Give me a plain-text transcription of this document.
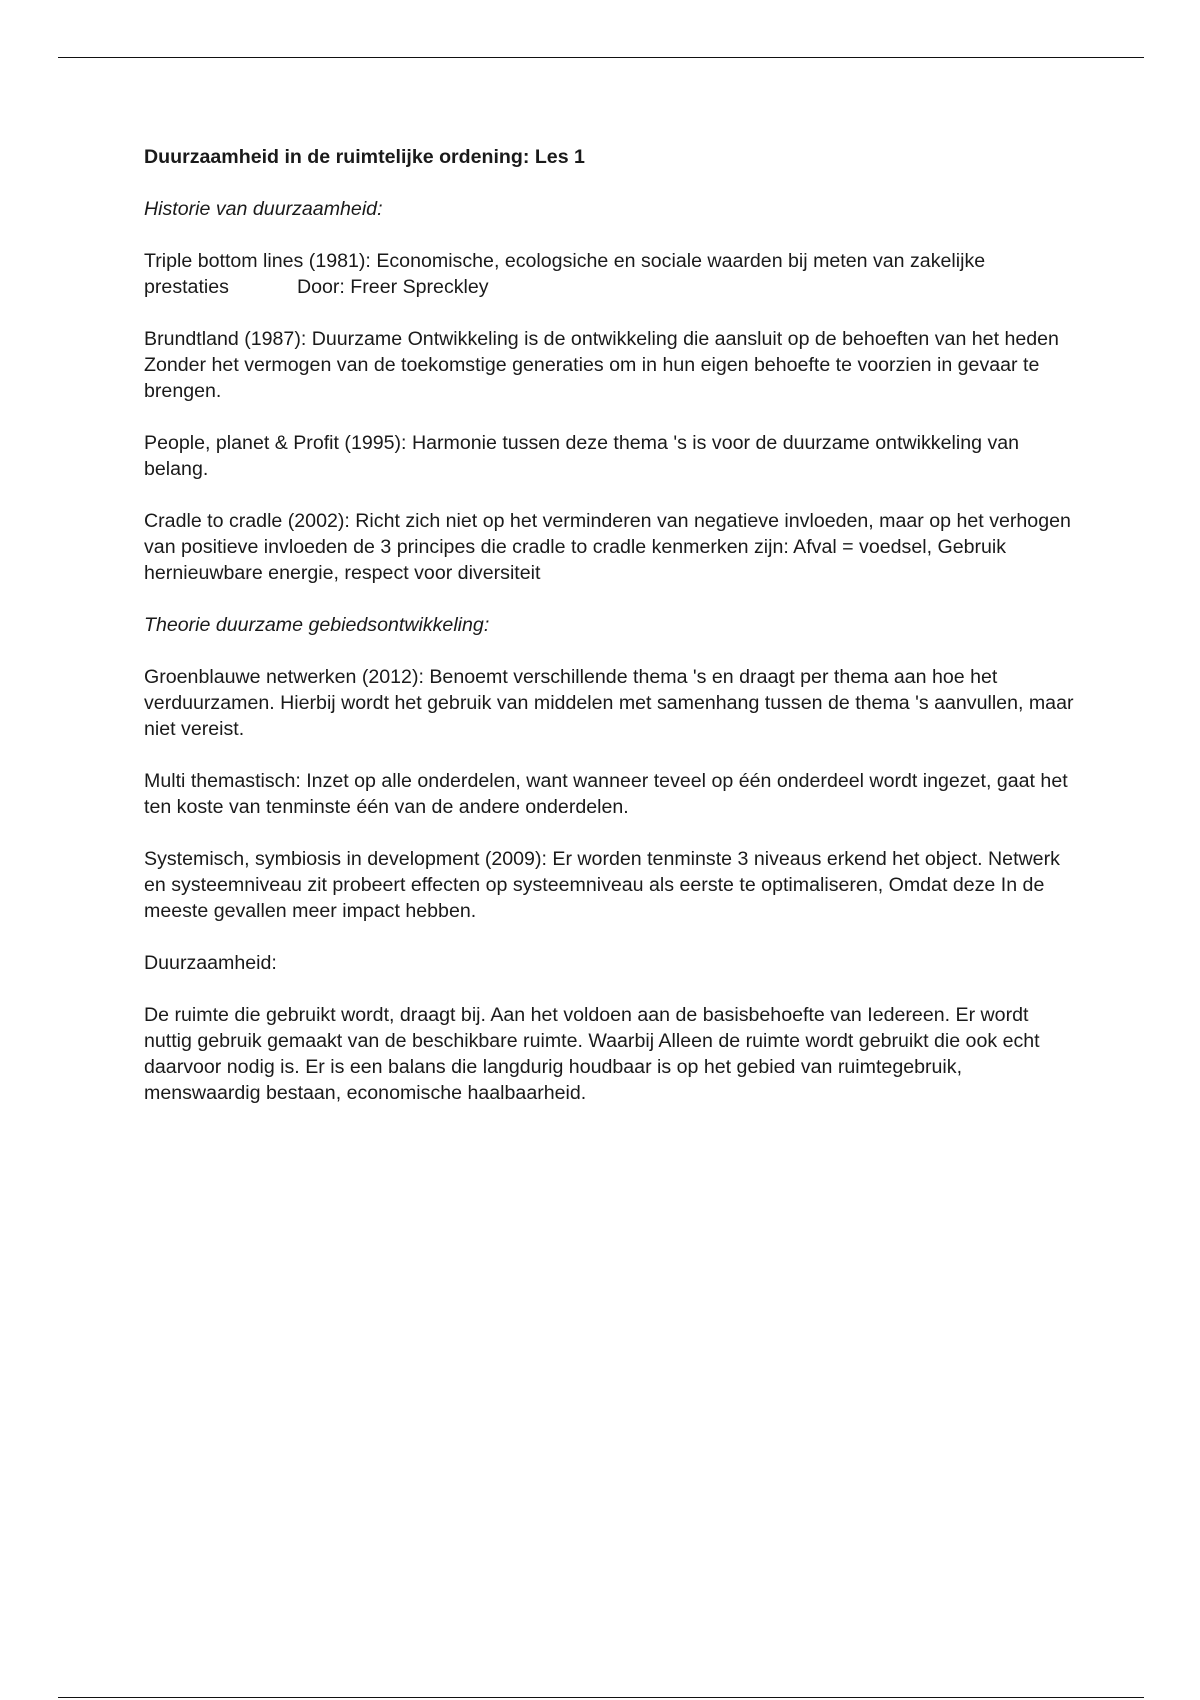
Duurzaamheid in de ruimtelijke ordening: Les 1

Historie van duurzaamheid:

Triple bottom lines (1981): Economische, ecologsiche en sociale waarden bij meten van zakelijke prestaties	Door: Freer Spreckley

Brundtland (1987): Duurzame Ontwikkeling is de ontwikkeling die aansluit op de behoeften van het heden Zonder het vermogen van de toekomstige generaties om in hun eigen behoefte te voorzien in gevaar te brengen.

People, planet & Profit (1995): Harmonie tussen deze thema 's is voor de duurzame ontwikkeling van belang.

Cradle to cradle (2002): Richt zich niet op het verminderen van negatieve invloeden, maar op het verhogen van positieve invloeden de 3 principes die cradle to cradle kenmerken zijn: Afval = voedsel, Gebruik hernieuwbare energie, respect voor diversiteit

Theorie duurzame gebiedsontwikkeling:

Groenblauwe netwerken (2012): Benoemt verschillende thema 's en draagt per thema aan hoe het verduurzamen. Hierbij wordt het gebruik van middelen met samenhang tussen de thema 's aanvullen, maar niet vereist.

Multi themastisch: Inzet op alle onderdelen, want wanneer teveel op één onderdeel wordt ingezet, gaat het ten koste van tenminste één van de andere onderdelen.

Systemisch, symbiosis in development (2009): Er worden tenminste 3 niveaus erkend het object. Netwerk en systeemniveau zit probeert effecten op systeemniveau als eerste te optimaliseren, Omdat deze In de meeste gevallen meer impact hebben.

Duurzaamheid:

De ruimte die gebruikt wordt, draagt bij. Aan het voldoen aan de basisbehoefte van Iedereen. Er wordt nuttig gebruik gemaakt van de beschikbare ruimte. Waarbij Alleen de ruimte wordt gebruikt die ook echt daarvoor nodig is. Er is een balans die langdurig houdbaar is op het gebied van ruimtegebruik, menswaardig bestaan, economische haalbaarheid.
